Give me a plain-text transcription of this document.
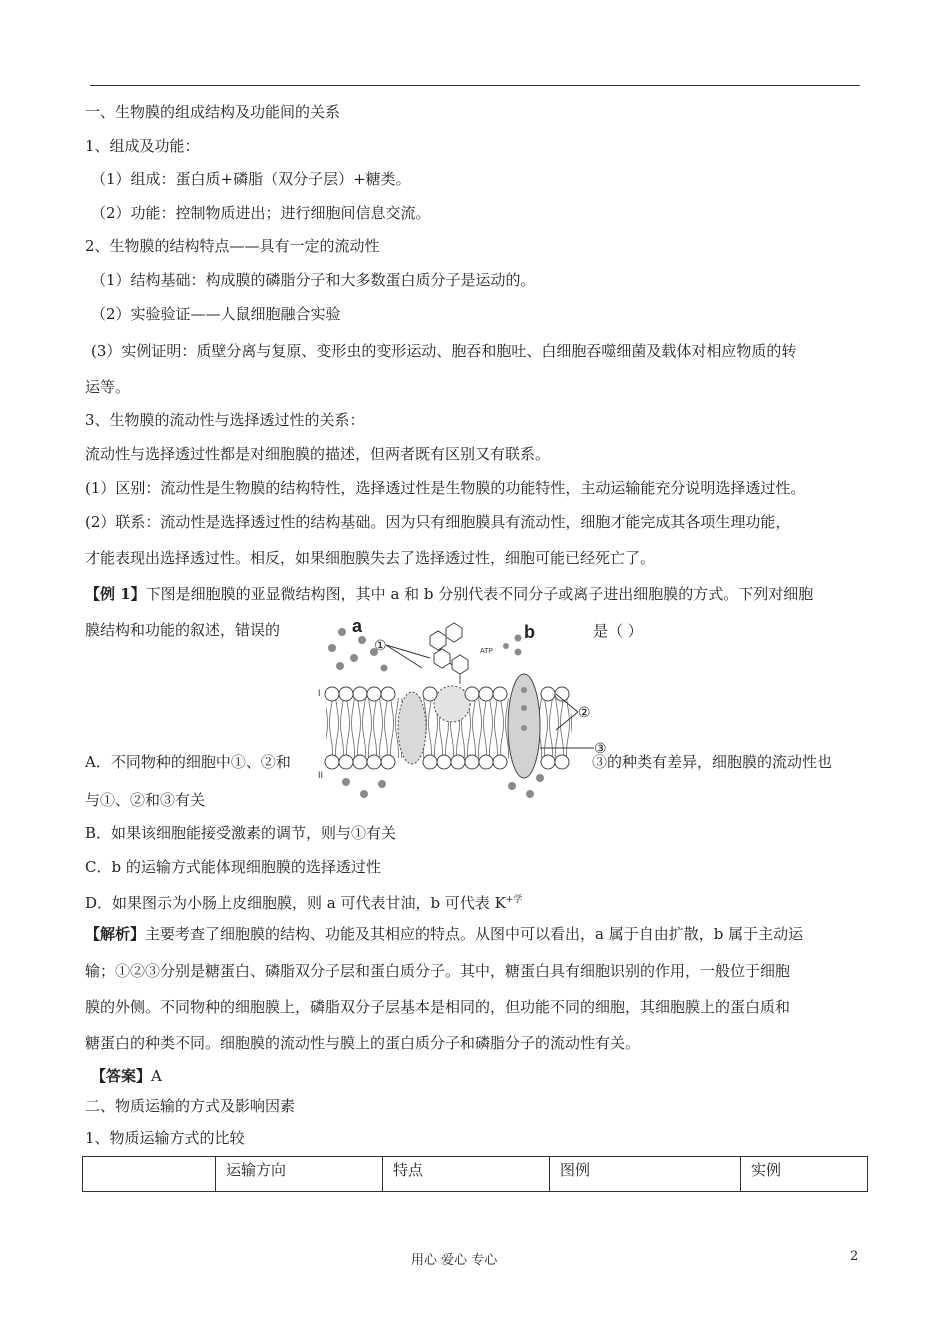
一、生物膜的组成结构及功能间的关系
1、组成及功能：
（1）组成：蛋白质+磷脂（双分子层）+糖类。
（2）功能：控制物质进出；进行细胞间信息交流。
2、生物膜的结构特点——具有一定的流动性
（1）结构基础：构成膜的磷脂分子和大多数蛋白质分子是运动的。
（2）实验验证——人鼠细胞融合实验
(3）实例证明：质壁分离与复原、变形虫的变形运动、胞吞和胞吐、白细胞吞噬细菌及载体对相应物质的转
运等。
3、生物膜的流动性与选择透过性的关系：
流动性与选择透过性都是对细胞膜的描述，但两者既有区别又有联系。
(1）区别：流动性是生物膜的结构特性，选择透过性是生物膜的功能特性，主动运输能充分说明选择透过性。
(2）联系：流动性是选择透过性的结构基础。因为只有细胞膜具有流动性，细胞才能完成其各项生理功能，
才能表现出选择透过性。相反，如果细胞膜失去了选择透过性，细胞可能已经死亡了。
【例 1】下图是细胞膜的亚显微结构图，其中 a 和 b 分别代表不同分子或离子进出细胞膜的方式。下列对细胞
膜结构和功能的叙述，错误的	是（ ）
a	b
ATP
I
II
①
②
③
A．不同物种的细胞中①、②和	③的种类有差异，细胞膜的流动性也
与①、②和③有关
B．如果该细胞能接受激素的调节，则与①有关
C．b 的运输方式能体现细胞膜的选择透过性
D．如果图示为小肠上皮细胞膜，则 a 可代表甘油，b 可代表 $K^{+学}$
【解析】主要考查了细胞膜的结构、功能及其相应的特点。从图中可以看出，a 属于自由扩散，b 属于主动运
输；①②③分别是糖蛋白、磷脂双分子层和蛋白质分子。其中，糖蛋白具有细胞识别的作用，一般位于细胞
膜的外侧。不同物种的细胞膜上，磷脂双分子层基本是相同的，但功能不同的细胞，其细胞膜上的蛋白质和
糖蛋白的种类不同。细胞膜的流动性与膜上的蛋白质分子和磷脂分子的流动性有关。
【答案】A
二、物质运输的方式及影响因素
1、物质运输方式的比较
	运输方向	特点	图例	实例
用心 爱心 专心	2
